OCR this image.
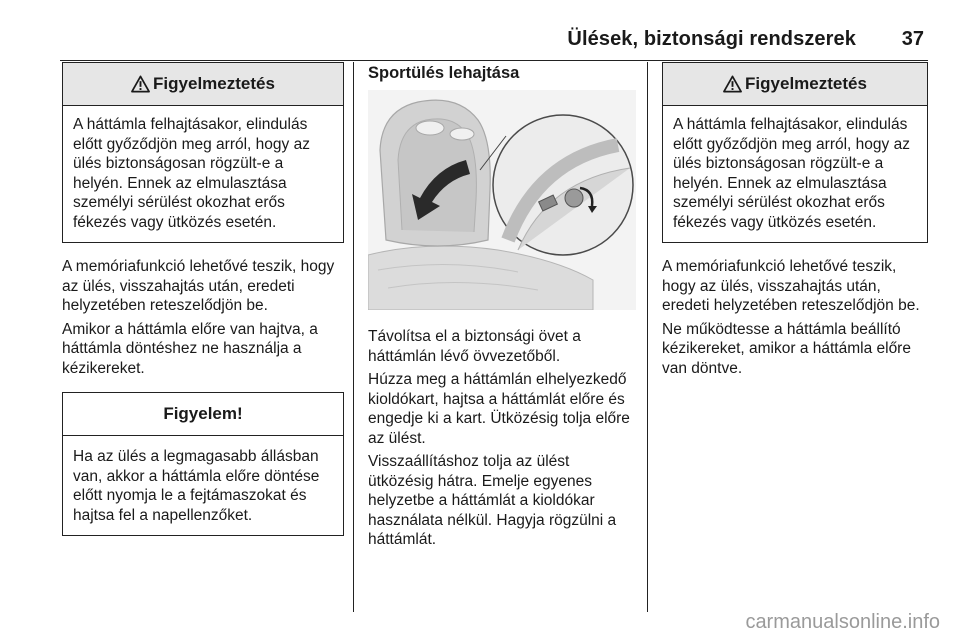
Ülések, biztonsági rendszerek 37
Figyelmeztetés

A háttámla felhajtásakor, elindulás előtt győződjön meg arról, hogy az ülés biztonságosan rögzült-e a helyén. Ennek az elmulasztása személyi sérülést okozhat erős fékezés vagy ütközés esetén.

A memóriafunkció lehetővé teszik, hogy az ülés, visszahajtás után, eredeti helyzetében reteszelődjön be.

Amikor a háttámla előre van hajtva, a háttámla döntéshez ne használja a kézikereket.

Figyelem!

Ha az ülés a legmagasabb állásban van, akkor a háttámla előre döntése előtt nyomja le a fejtámaszokat és hajtsa fel a napellenzőket.

Sportülés lehajtása

Távolítsa el a biztonsági övet a háttámlán lévő övvezetőből.

Húzza meg a háttámlán elhelyezkedő kioldókart, hajtsa a háttámlát előre és engedje ki a kart. Ütközésig tolja előre az ülést.

Visszaállításhoz tolja az ülést ütközésig hátra. Emelje egyenes helyzetbe a háttámlát a kioldókar használata nélkül. Hagyja rögzülni a háttámlát.

Figyelmeztetés

A háttámla felhajtásakor, elindulás előtt győződjön meg arról, hogy az ülés biztonságosan rögzült-e a helyén. Ennek az elmulasztása személyi sérülést okozhat erős fékezés vagy ütközés esetén.

A memóriafunkció lehetővé teszik, hogy az ülés, visszahajtás után, eredeti helyzetében reteszelődjön be.

Ne működtesse a háttámla beállító kézikereket, amikor a háttámla előre van döntve.

carmanualsonline.info
